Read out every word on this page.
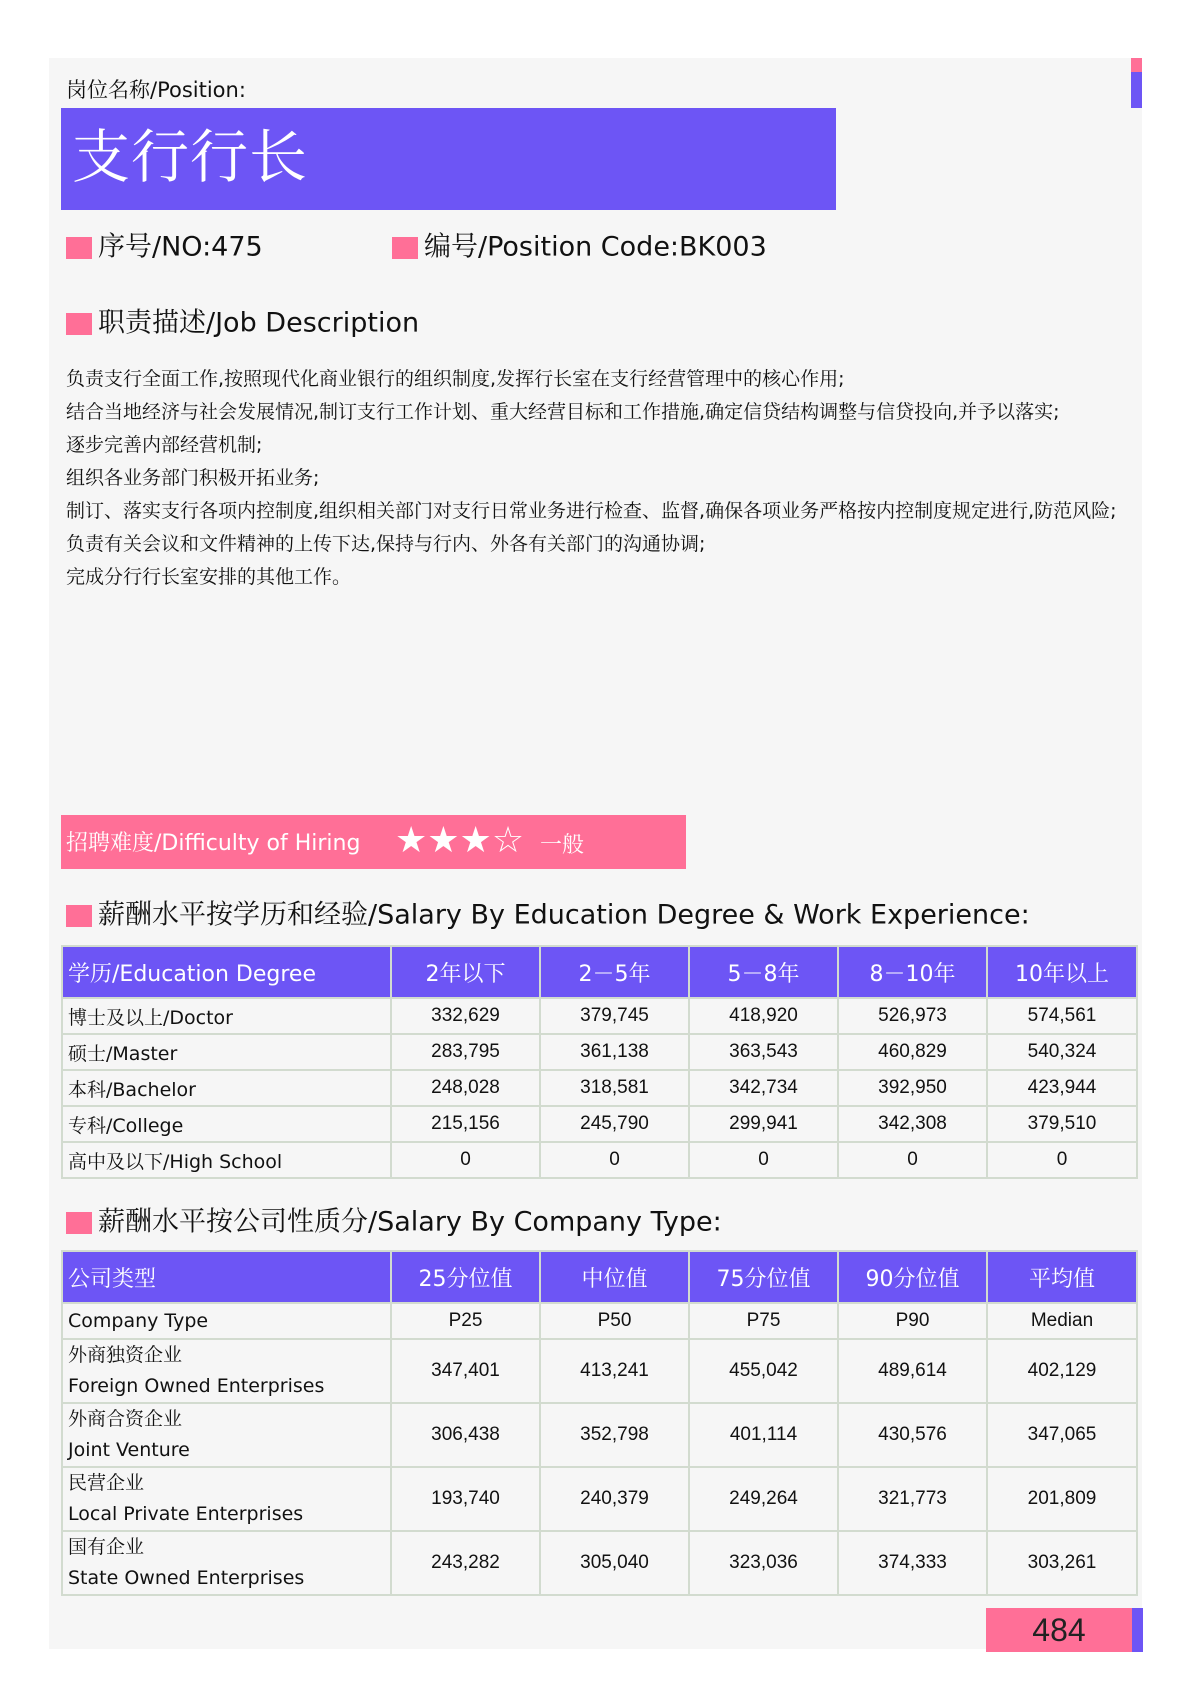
岗位名称/Position:
支行行长
序号/NO:475	编号/Position Code:BK003
职责描述/Job Description

负责支行全面工作,按照现代化商业银行的组织制度,发挥行长室在支行经营管理中的核心作用;

结合当地经济与社会发展情况,制订支行工作计划、重大经营目标和工作措施,确定信贷结构调整与信贷投向,并予以落实;

逐步完善内部经营机制;

组织各业务部门积极开拓业务;

制订、落实支行各项内控制度,组织相关部门对支行日常业务进行检查、监督,确保各项业务严格按内控制度规定进行,防范风险;

负责有关会议和文件精神的上传下达,保持与行内、外各有关部门的沟通协调;

完成分行行长室安排的其他工作。

招聘难度/Difficulty of Hiring ★★★☆ 一般
薪酬水平按学历和经验/Salary By Education Degree & Work Experience:
学历/Education Degree	2年以下	2－5年	5－8年	8－10年	10年以上
博士及以上/Doctor	332,629	379,745	418,920	526,973	574,561
硕士/Master	283,795	361,138	363,543	460,829	540,324
本科/Bachelor	248,028	318,581	342,734	392,950	423,944
专科/College	215,156	245,790	299,941	342,308	379,510
高中及以下/High School	0	0	0	0	0
薪酬水平按公司性质分/Salary By Company Type:
公司类型	25分位值	中位值	75分位值	90分位值	平均值
Company Type	P25	P50	P75	P90	Median

外商独资企业
Foreign Owned Enterprises	347,401	413,241	455,042	489,614	402,129

外商合资企业
Joint Venture	306,438	352,798	401,114	430,576	347,065

民营企业
Local Private Enterprises	193,740	240,379	249,264	321,773	201,809

国有企业
State Owned Enterprises	243,282	305,040	323,036	374,333	303,261
484
